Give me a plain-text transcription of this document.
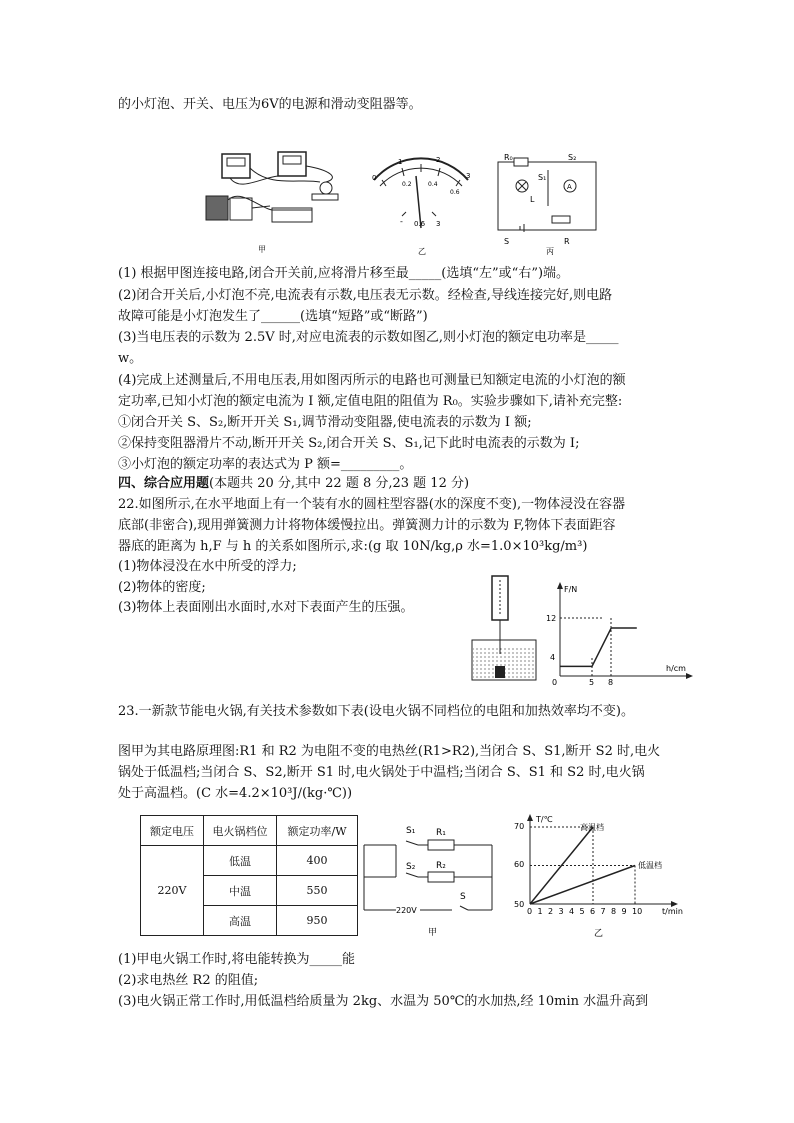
的小灯泡、开关、电压为6V的电源和滑动变阻器等。
甲
0
1	2
3
0.2	0.4
0.6
- 0.6 3
乙
R₀	S₂
S₁
A
L
S	R
丙
(1) 根据甲图连接电路,闭合开关前,应将滑片移至最_____(选填“左”或“右”)端。
(2)闭合开关后,小灯泡不亮,电流表有示数,电压表无示数。经检查,导线连接完好,则电路
故障可能是小灯泡发生了______(选填“短路”或“断路”)
(3)当电压表的示数为 2.5V 时,对应电流表的示数如图乙,则小灯泡的额定电功率是_____
w。
(4)完成上述测量后,不用电压表,用如图丙所示的电路也可测量已知额定电流的小灯泡的额
定功率,已知小灯泡的额定电流为 I 额,定值电阻的阻值为 R₀。实验步骤如下,请补充完整:
①闭合开关 S、S₂,断开开关 S₁,调节滑动变阻器,使电流表的示数为 I 额;
②保持变阻器滑片不动,断开开关 S₂,闭合开关 S、S₁,记下此时电流表的示数为 I;
③小灯泡的额定功率的表达式为 P 额=_________。
四、综合应用题(本题共 20 分,其中 22 题 8 分,23 题 12 分)
22.如图所示,在水平地面上有一个装有水的圆柱型容器(水的深度不变),一物体浸没在容器
底部(非密合),现用弹簧测力计将物体缓慢拉出。弹簧测力计的示数为 F,物体下表面距容
器底的距离为 h,F 与 h 的关系如图所示,求:(g 取 10N/kg,ρ 水=1.0×10³kg/m³)
(1)物体浸没在水中所受的浮力;
(2)物体的密度;
(3)物体上表面刚出水面时,水对下表面产生的压强。
F/N
h/cm
12
4
0	5 8
23.一新款节能电火锅,有关技术参数如下表(设电火锅不同档位的电阻和加热效率均不变)。
图甲为其电路原理图:R1 和 R2 为电阻不变的电热丝(R1>R2),当闭合 S、S1,断开 S2 时,电火
锅处于低温档;当闭合 S、S2,断开 S1 时,电火锅处于中温档;当闭合 S、S1 和 S2 时,电火锅
处于高温档。(C 水=4.2×10³J/(kg·℃))
额定电压	电火锅档位	额定功率/W
220V	低温	400
	中温	550
	高温	950
S₁ R₁
S₂ R₂
S
220V
甲
0 1 2 3 4 5 6 7 8 9 10
T/℃
t/min
70
60
50
高温档
低温档
乙
(1)甲电火锅工作时,将电能转换为_____能
(2)求电热丝 R2 的阻值;
(3)电火锅正常工作时,用低温档给质量为 2kg、水温为 50℃的水加热,经 10min 水温升高到
